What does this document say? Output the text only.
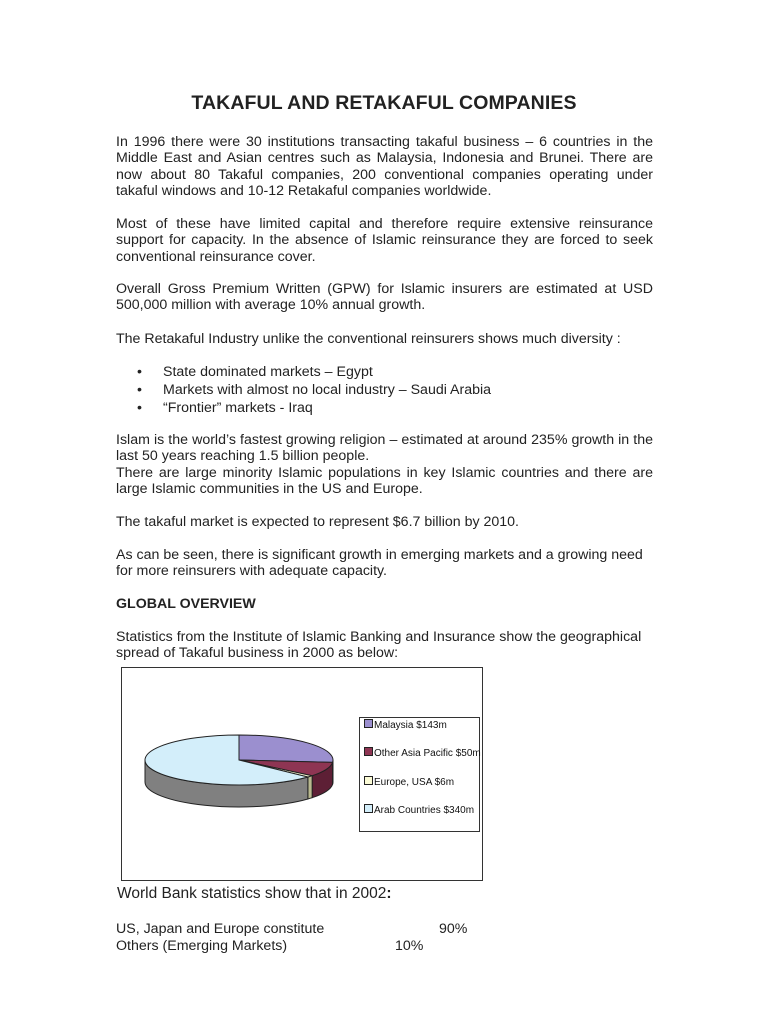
TAKAFUL AND RETAKAFUL COMPANIES

In 1996 there were 30 institutions transacting takaful business – 6 countries in the Middle East and Asian centres such as Malaysia, Indonesia and Brunei. There are now about 80 Takaful companies, 200 conventional companies operating under takaful windows and 10-12 Retakaful companies worldwide.

Most of these have limited capital and therefore require extensive reinsurance support for capacity. In the absence of Islamic reinsurance they are forced to seek conventional reinsurance cover.

Overall Gross Premium Written (GPW) for Islamic insurers are estimated at USD 500,000 million with average 10% annual growth.

The Retakaful Industry unlike the conventional reinsurers shows much diversity :

• State dominated markets – Egypt
• Markets with almost no local industry – Saudi Arabia
• “Frontier” markets - Iraq

Islam is the world’s fastest growing religion – estimated at around 235% growth in the last 50 years reaching 1.5 billion people.

There are large minority Islamic populations in key Islamic countries and there are large Islamic communities in the US and Europe.

The takaful market is expected to represent $6.7 billion by 2010.

As can be seen, there is significant growth in emerging markets and a growing need for more reinsurers with adequate capacity.

GLOBAL OVERVIEW

Statistics from the Institute of Islamic Banking and Insurance show the geographical spread of Takaful business in 2000 as below:

Malaysia $143m
Other Asia Pacific $50m
Europe, USA $6m
Arab Countries $340m
World Bank statistics show that in 2002:
US, Japan and Europe constitute	90%
Others (Emerging Markets)	10%
